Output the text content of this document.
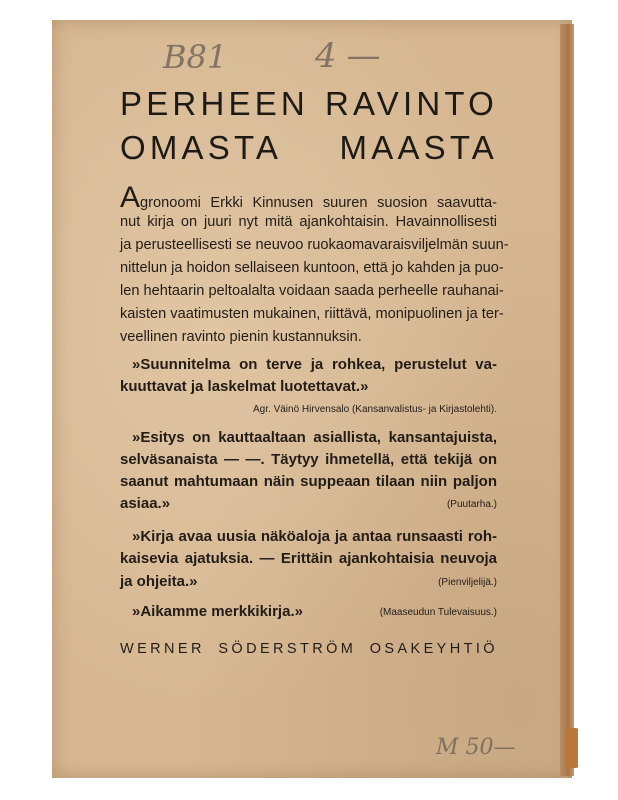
B81	4—
M 50—
PERHEEN RAVINTO
OMASTA MAASTA
Agronoomi Erkki Kinnusen suuren suosion saavutta-
nut kirja on juuri nyt mitä ajankohtaisin. Havainnollisesti
ja perusteellisesti se neuvoo ruokaomavaraisviljelmän suun-
nittelun ja hoidon sellaiseen kuntoon, että jo kahden ja puo-
len hehtaarin peltoalalta voidaan saada perheelle rauhanai-
kaisten vaatimusten mukainen, riittävä, monipuolinen ja ter-
veellinen ravinto pienin kustannuksin.
»Suunnitelma on terve ja rohkea, perustelut va-
kuuttavat ja laskelmat luotettavat.»
Agr. Väinö Hirvensalo (Kansanvalistus- ja Kirjastolehti).
»Esitys on kauttaaltaan asiallista, kansantajuista,
selväsanaista — —. Täytyy ihmetellä, että tekijä on
saanut mahtumaan näin suppeaan tilaan niin paljon
asiaa.»	(Puutarha.)
»Kirja avaa uusia näköaloja ja antaa runsaasti roh-
kaisevia ajatuksia. — Erittäin ajankohtaisia neuvoja
ja ohjeita.»	(Pienviljelijä.)
»Aikamme merkkikirja.»	(Maaseudun Tulevaisuus.)
WERNER SÖDERSTRÖM OSAKEYHTIÖ
